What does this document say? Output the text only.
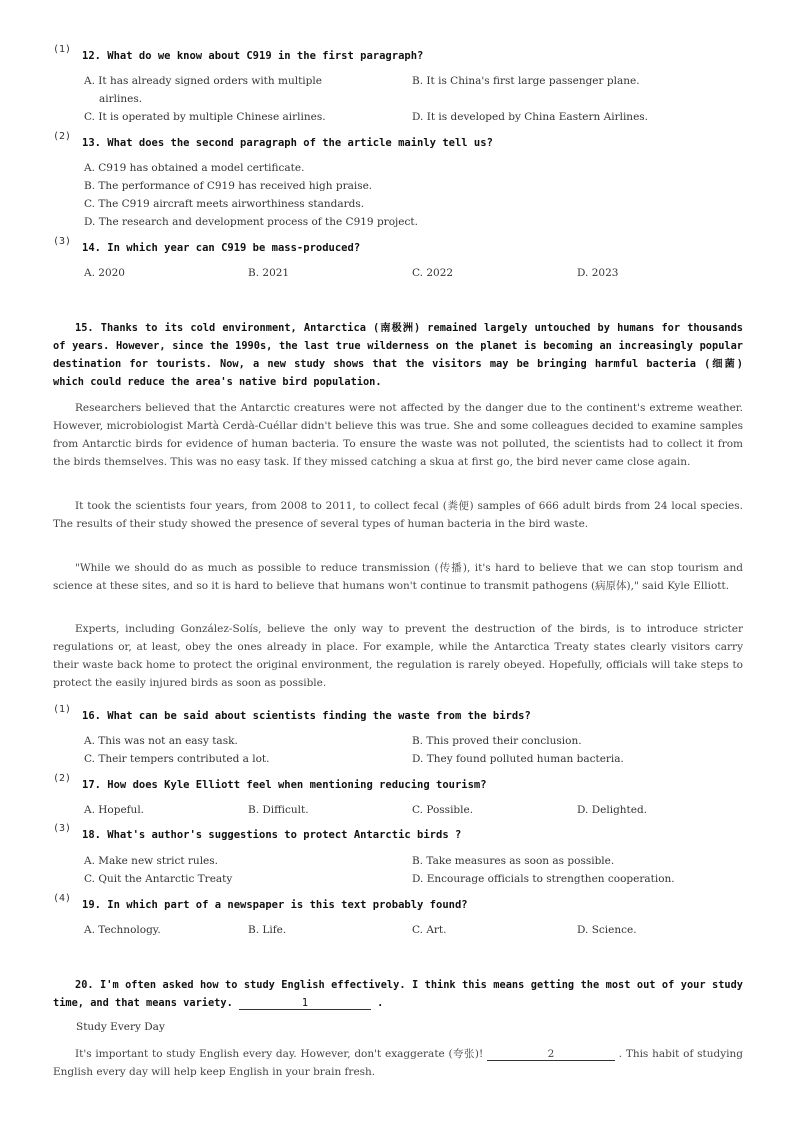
(1)
12. What do we know about C919 in the first paragraph?
A. It has already signed orders with multiple
airlines.
B. It is China's first large passenger plane.
C. It is operated by multiple Chinese airlines.	D. It is developed by China Eastern Airlines.
(2)
13. What does the second paragraph of the article mainly tell us?
A. C919 has obtained a model certificate.
B. The performance of C919 has received high praise.
C. The C919 aircraft meets airworthiness standards.
D. The research and development process of the C919 project.
(3)
14. In which year can C919 be mass-produced?
A. 2020	B. 2021	C. 2022	D. 2023

15. Thanks to its cold environment, Antarctica (南极洲) remained largely untouched by humans for thousands of years. However, since the 1990s, the last true wilderness on the planet is becoming an increasingly popular destination for tourists. Now, a new study shows that the visitors may be bringing harmful bacteria (细菌) which could reduce the area's native bird population.

Researchers believed that the Antarctic creatures were not affected by the danger due to the continent's extreme weather. However, microbiologist Martà Cerdà-Cuéllar didn't believe this was true. She and some colleagues decided to examine samples from Antarctic birds for evidence of human bacteria. To ensure the waste was not polluted, the scientists had to collect it from the birds themselves. This was no easy task. If they missed catching a skua at first go, the bird never came close again.

It took the scientists four years, from 2008 to 2011, to collect fecal (粪便) samples of 666 adult birds from 24 local species. The results of their study showed the presence of several types of human bacteria in the bird waste.

"While we should do as much as possible to reduce transmission (传播), it's hard to believe that we can stop tourism and science at these sites, and so it is hard to believe that humans won't continue to transmit pathogens (病原体)," said Kyle Elliott.

Experts, including González-Solís, believe the only way to prevent the destruction of the birds, is to introduce stricter regulations or, at least, obey the ones already in place. For example, while the Antarctica Treaty states clearly visitors carry their waste back home to protect the original environment, the regulation is rarely obeyed. Hopefully, officials will take steps to protect the easily injured birds as soon as possible.

(1)
16. What can be said about scientists finding the waste from the birds?
A. This was not an easy task.	B. This proved their conclusion.
C. Their tempers contributed a lot.	D. They found polluted human bacteria.
(2)
17. How does Kyle Elliott feel when mentioning reducing tourism?
A. Hopeful.	B. Difficult.	C. Possible.	D. Delighted.
(3)
18. What's author's suggestions to protect Antarctic birds ?
A. Make new strict rules.	B. Take measures as soon as possible.
C. Quit the Antarctic Treaty	D. Encourage officials to strengthen cooperation.
(4)
19. In which part of a newspaper is this text probably found?
A. Technology.	B. Life.	C. Art.	D. Science.

20. I'm often asked how to study English effectively. I think this means getting the most out of your study time, and that means variety.	1	.

Study Every Day

It's important to study English every day. However, don't exaggerate (夸张)!	2	. This habit of studying English every day will help keep English in your brain fresh.
